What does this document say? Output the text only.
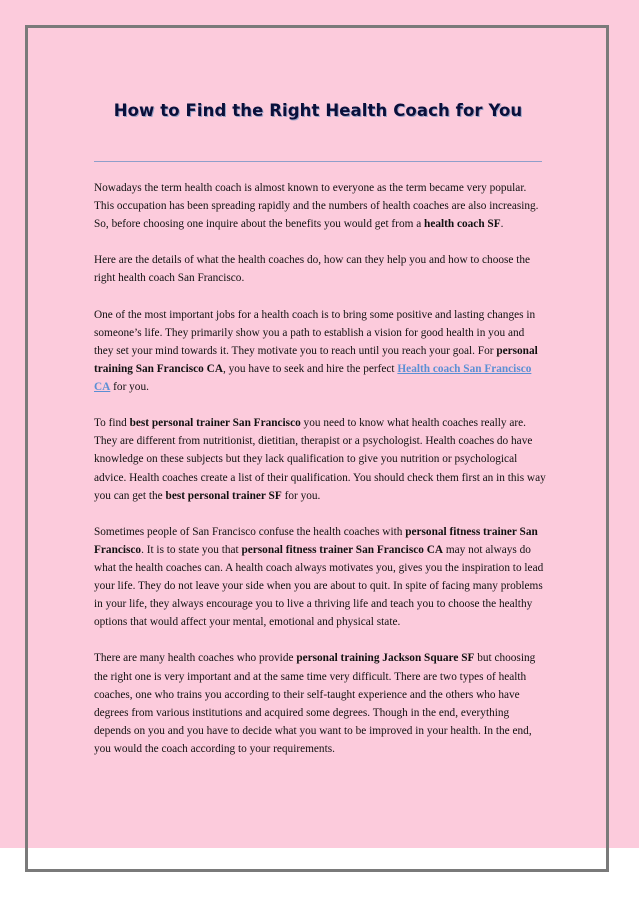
How to Find the Right Health Coach for You

Nowadays the term health coach is almost known to everyone as the term became very popular. This occupation has been spreading rapidly and the numbers of health coaches are also increasing. So, before choosing one inquire about the benefits you would get from a health coach SF.

Here are the details of what the health coaches do, how can they help you and how to choose the right health coach San Francisco.

One of the most important jobs for a health coach is to bring some positive and lasting changes in someone’s life. They primarily show you a path to establish a vision for good health in you and they set your mind towards it. They motivate you to reach until you reach your goal. For personal training San Francisco CA, you have to seek and hire the perfect Health coach San Francisco CA for you.

To find best personal trainer San Francisco you need to know what health coaches really are. They are different from nutritionist, dietitian, therapist or a psychologist. Health coaches do have knowledge on these subjects but they lack qualification to give you nutrition or psychological advice. Health coaches create a list of their qualification. You should check them first an in this way you can get the best personal trainer SF for you.

Sometimes people of San Francisco confuse the health coaches with personal fitness trainer San Francisco. It is to state you that personal fitness trainer San Francisco CA may not always do what the health coaches can. A health coach always motivates you, gives you the inspiration to lead your life. They do not leave your side when you are about to quit. In spite of facing many problems in your life, they always encourage you to live a thriving life and teach you to choose the healthy options that would affect your mental, emotional and physical state.

There are many health coaches who provide personal training Jackson Square SF but choosing the right one is very important and at the same time very difficult. There are two types of health coaches, one who trains you according to their self-taught experience and the others who have degrees from various institutions and acquired some degrees. Though in the end, everything depends on you and you have to decide what you want to be improved in your health. In the end, you would the coach according to your requirements.
